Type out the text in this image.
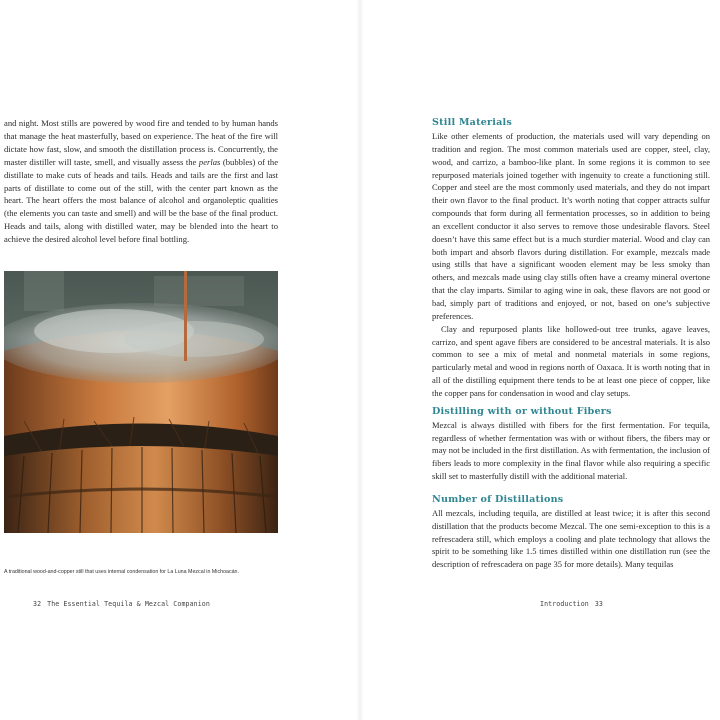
and night. Most stills are powered by wood fire and tended to by human hands that manage the heat masterfully, based on experience. The heat of the fire will dictate how fast, slow, and smooth the distillation process is. Concurrently, the master distiller will taste, smell, and visually assess the perlas (bubbles) of the distillate to make cuts of heads and tails. Heads and tails are the first and last parts of distillate to come out of the still, with the center part known as the heart. The heart offers the most balance of alcohol and organoleptic qualities (the elements you can taste and smell) and will be the base of the final product. Heads and tails, along with distilled water, may be blended into the heart to achieve the desired alcohol level before final bottling.

A traditional wood-and-copper still that uses internal condensation for La Luna Mezcal in Michoacán.

32 The Essential Tequila & Mezcal Companion
Still Materials

Like other elements of production, the materials used will vary depending on tradition and region. The most common materials used are copper, steel, clay, wood, and carrizo, a bamboo-like plant. In some regions it is common to see repurposed materials joined together with ingenuity to create a functioning still. Copper and steel are the most commonly used materials, and they do not impart their own flavor to the final product. It’s worth noting that copper attracts sulfur compounds that form during all fermentation processes, so in addition to being an excellent conductor it also serves to remove those undesirable flavors. Steel doesn’t have this same effect but is a much sturdier material. Wood and clay can both impart and absorb flavors during distillation. For example, mezcals made using stills that have a significant wooden element may be less smoky than others, and mezcals made using clay stills often have a creamy mineral overtone that the clay imparts. Similar to aging wine in oak, these flavors are not good or bad, simply part of traditions and enjoyed, or not, based on one’s subjective preferences.

Clay and repurposed plants like hollowed-out tree trunks, agave leaves, carrizo, and spent agave fibers are considered to be ancestral materials. It is also common to see a mix of metal and nonmetal materials in some regions, particularly metal and wood in regions north of Oaxaca. It is worth noting that in all of the distilling equipment there tends to be at least one piece of copper, like the copper pans for condensation in wood and clay setups.

Distilling with or without Fibers

Mezcal is always distilled with fibers for the first fermentation. For tequila, regardless of whether fermentation was with or without fibers, the fibers may or may not be included in the first distillation. As with fermentation, the inclusion of fibers leads to more complexity in the final flavor while also requiring a specific skill set to masterfully distill with the additional material.

Number of Distillations

All mezcals, including tequila, are distilled at least twice; it is after this second distillation that the products become Mezcal. The one semi-exception to this is a refrescadera still, which employs a cooling and plate technology that allows the spirit to be something like 1.5 times distilled within one distillation run (see the description of refrescadera on page 35 for more details). Many tequilas

Introduction 33
